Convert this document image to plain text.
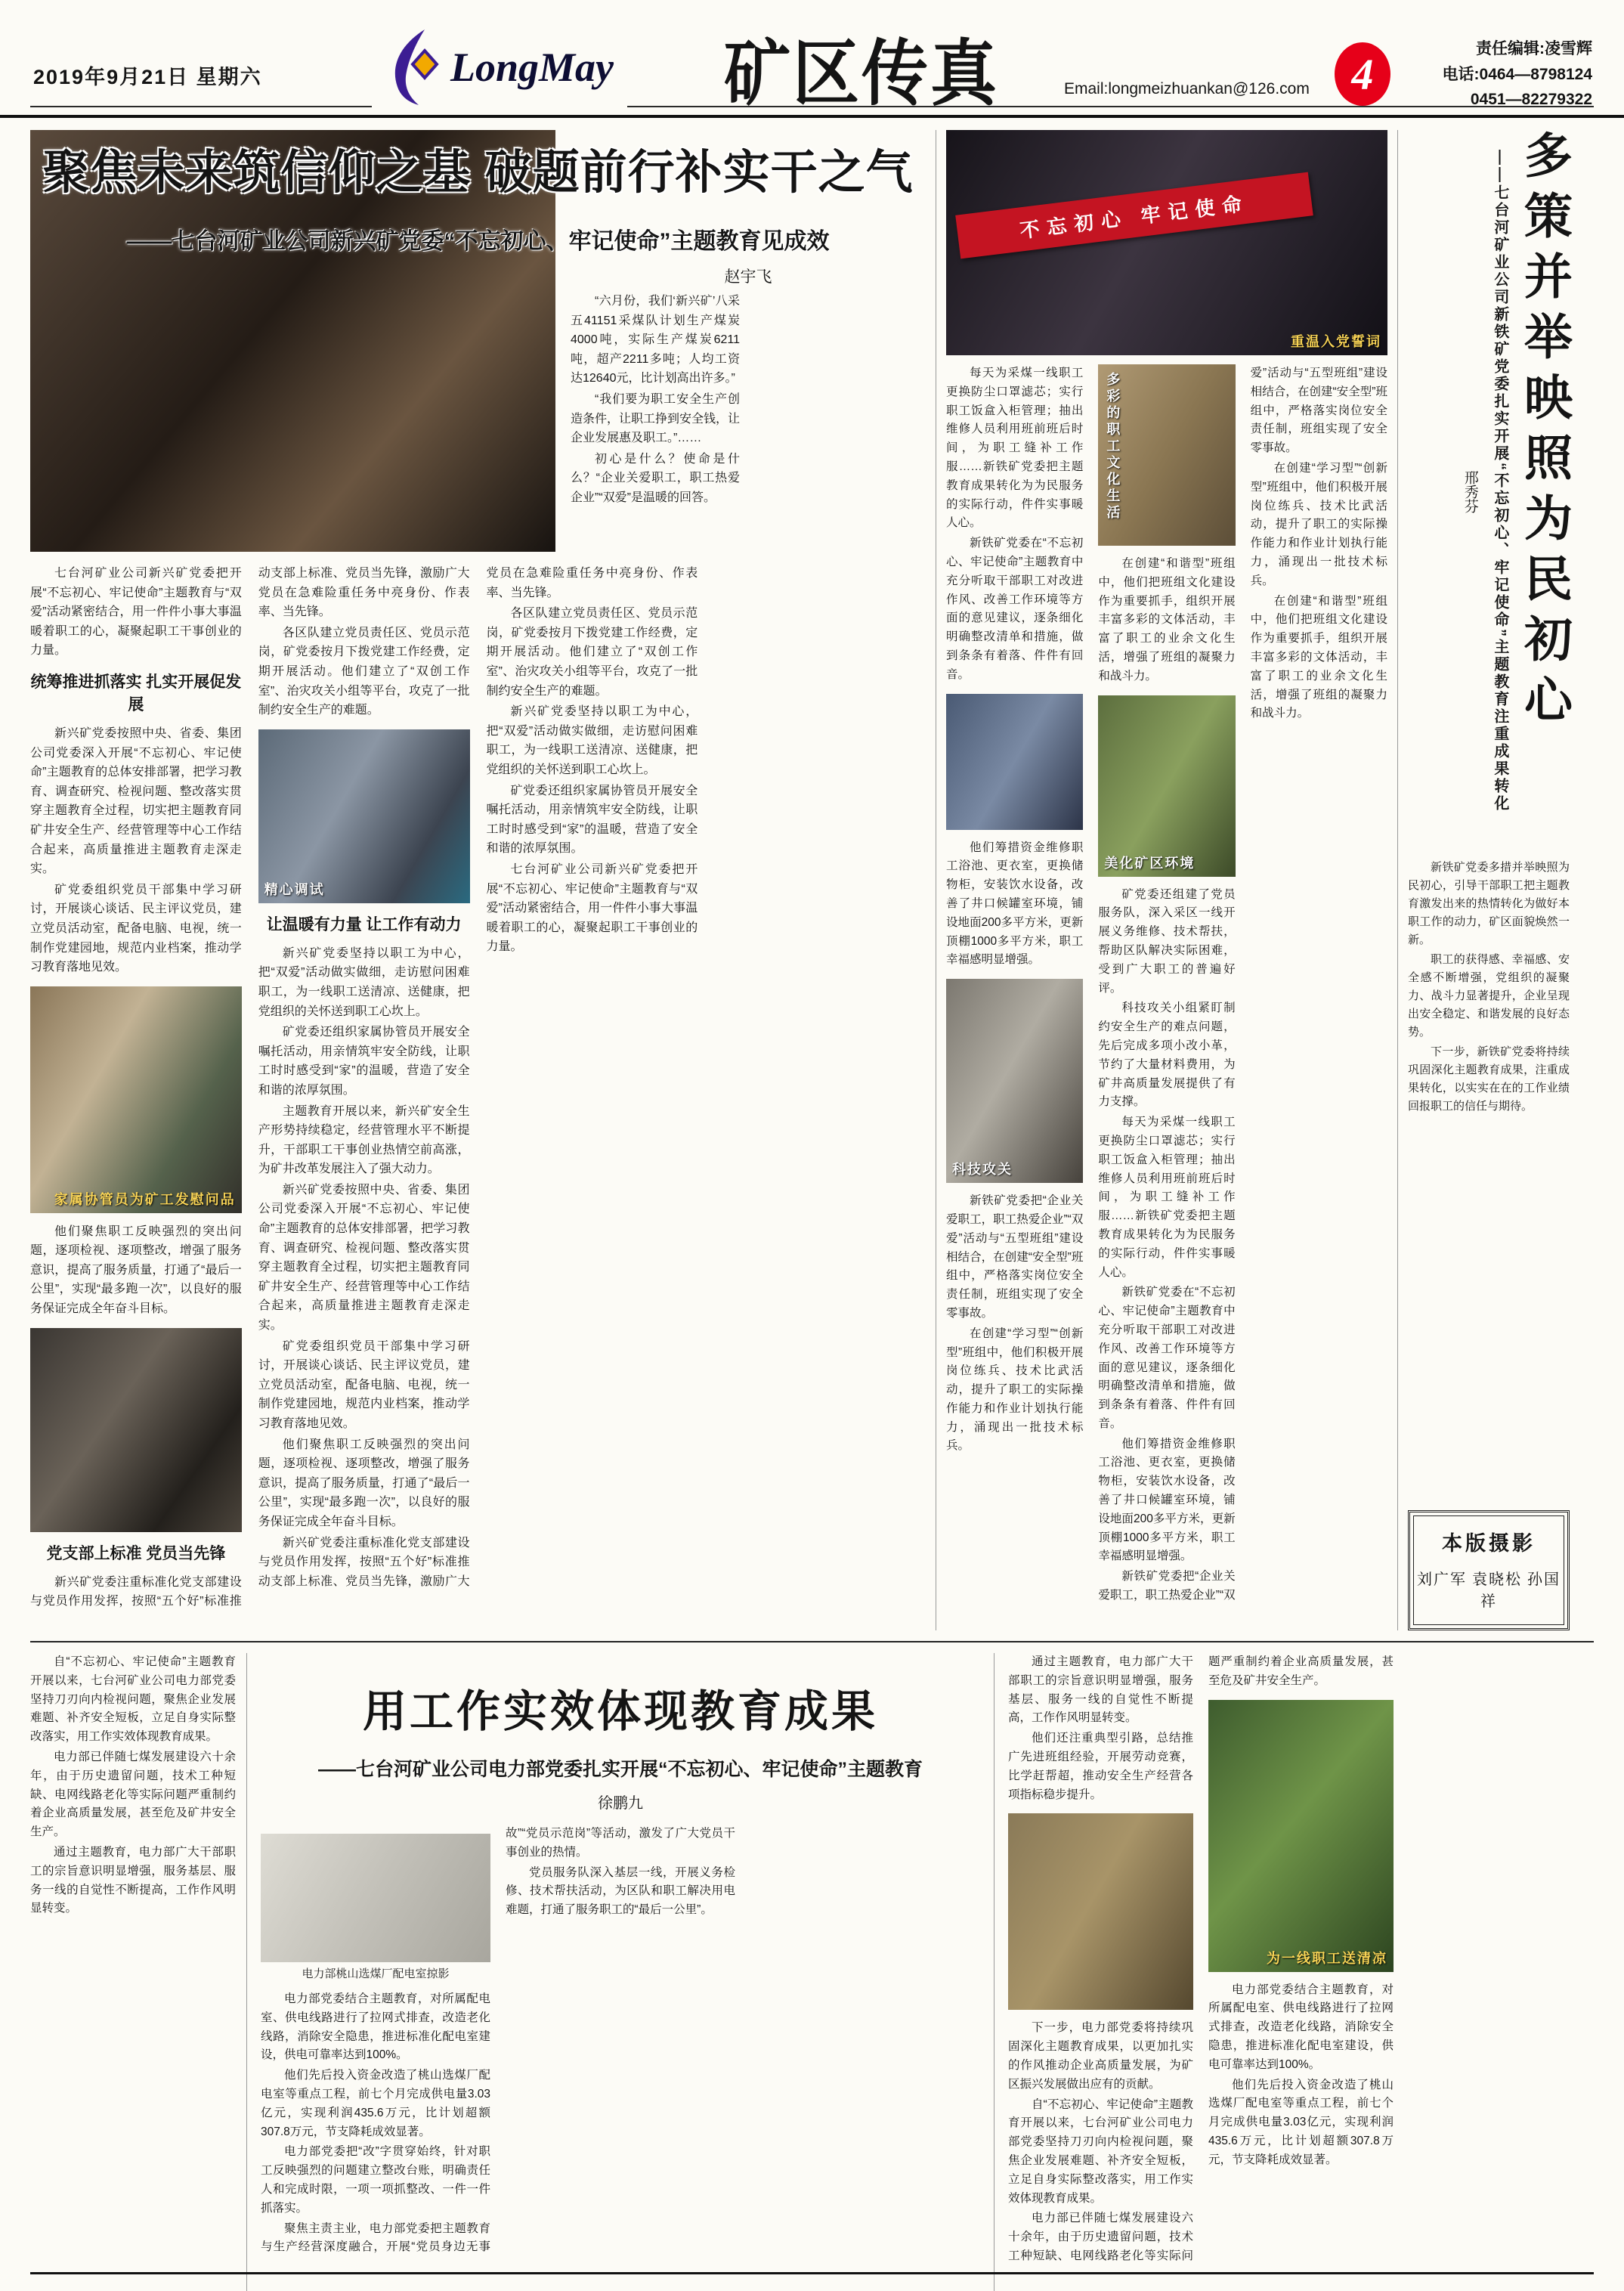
2019年9月21日 星期六	LongMay 矿区传真	Email:longmeizhuankan@126.com 4
责任编辑:凌雪辉
电话:0464—8798124
0451—82279322
聚焦未来筑信仰之基 破题前行补实干之气
——七台河矿业公司新兴矿党委“不忘初心、牢记使命”主题教育见成效
赵宇飞

“六月份，我们‘新兴矿’八采五41151采煤队计划生产煤炭4000吨，实际生产煤炭6211吨，超产2211多吨；人均工资达12640元，比计划高出许多。”

“我们要为职工安全生产创造条件，让职工挣到安全钱，让企业发展惠及职工。”……

初心是什么？使命是什么？“企业关爱职工，职工热爱企业”“双爱”是温暖的回答。

七台河矿业公司新兴矿党委把开展“不忘初心、牢记使命”主题教育与“双爱”活动紧密结合，用一件件小事大事温暖着职工的心，凝聚起职工干事创业的力量。

统筹推进抓落实 扎实开展促发展

新兴矿党委按照中央、省委、集团公司党委深入开展“不忘初心、牢记使命”主题教育的总体安排部署，把学习教育、调查研究、检视问题、整改落实贯穿主题教育全过程，切实把主题教育同矿井安全生产、经营管理等中心工作结合起来，高质量推进主题教育走深走实。

矿党委组织党员干部集中学习研讨，开展谈心谈话、民主评议党员，建立党员活动室，配备电脑、电视，统一制作党建园地，规范内业档案，推动学习教育落地见效。

家属协管员为矿工发慰问品

他们聚焦职工反映强烈的突出问题，逐项检视、逐项整改，增强了服务意识，提高了服务质量，打通了“最后一公里”，实现“最多跑一次”，以良好的服务保证完成全年奋斗目标。

党支部上标准 党员当先锋

新兴矿党委注重标准化党支部建设与党员作用发挥，按照“五个好”标准推动支部上标准、党员当先锋，激励广大党员在急难险重任务中亮身份、作表率、当先锋。

各区队建立党员责任区、党员示范岗，矿党委按月下拨党建工作经费，定期开展活动。他们建立了“双创工作室”、治灾攻关小组等平台，攻克了一批制约安全生产的难题。

精心调试
让温暖有力量 让工作有动力

新兴矿党委坚持以职工为中心，把“双爱”活动做实做细，走访慰问困难职工，为一线职工送清凉、送健康，把党组织的关怀送到职工心坎上。

矿党委还组织家属协管员开展安全嘱托活动，用亲情筑牢安全防线，让职工时时感受到“家”的温暖，营造了安全和谐的浓厚氛围。

主题教育开展以来，新兴矿安全生产形势持续稳定，经营管理水平不断提升，干部职工干事创业热情空前高涨，为矿井改革发展注入了强大动力。

新兴矿党委按照中央、省委、集团公司党委深入开展“不忘初心、牢记使命”主题教育的总体安排部署，把学习教育、调查研究、检视问题、整改落实贯穿主题教育全过程，切实把主题教育同矿井安全生产、经营管理等中心工作结合起来，高质量推进主题教育走深走实。

矿党委组织党员干部集中学习研讨，开展谈心谈话、民主评议党员，建立党员活动室，配备电脑、电视，统一制作党建园地，规范内业档案，推动学习教育落地见效。

他们聚焦职工反映强烈的突出问题，逐项检视、逐项整改，增强了服务意识，提高了服务质量，打通了“最后一公里”，实现“最多跑一次”，以良好的服务保证完成全年奋斗目标。

新兴矿党委注重标准化党支部建设与党员作用发挥，按照“五个好”标准推动支部上标准、党员当先锋，激励广大党员在急难险重任务中亮身份、作表率、当先锋。

各区队建立党员责任区、党员示范岗，矿党委按月下拨党建工作经费，定期开展活动。他们建立了“双创工作室”、治灾攻关小组等平台，攻克了一批制约安全生产的难题。

新兴矿党委坚持以职工为中心，把“双爱”活动做实做细，走访慰问困难职工，为一线职工送清凉、送健康，把党组织的关怀送到职工心坎上。

矿党委还组织家属协管员开展安全嘱托活动，用亲情筑牢安全防线，让职工时时感受到“家”的温暖，营造了安全和谐的浓厚氛围。

七台河矿业公司新兴矿党委把开展“不忘初心、牢记使命”主题教育与“双爱”活动紧密结合，用一件件小事大事温暖着职工的心，凝聚起职工干事创业的力量。

不忘初心 牢记使命
重温入党誓词

每天为采煤一线职工更换防尘口罩滤芯；实行职工饭盒入柜管理；抽出维修人员利用班前班后时间，为职工缝补工作服……新铁矿党委把主题教育成果转化为为民服务的实际行动，件件实事暖人心。

新铁矿党委在“不忘初心、牢记使命”主题教育中充分听取干部职工对改进作风、改善工作环境等方面的意见建议，逐条细化明确整改清单和措施，做到条条有着落、件件有回音。

他们筹措资金维修职工浴池、更衣室，更换储物柜，安装饮水设备，改善了井口候罐室环境，铺设地面200多平方米，更新顶棚1000多平方米，职工幸福感明显增强。

科技攻关

新铁矿党委把“企业关爱职工，职工热爱企业”“双爱”活动与“五型班组”建设相结合，在创建“安全型”班组中，严格落实岗位安全责任制，班组实现了安全零事故。

在创建“学习型”“创新型”班组中，他们积极开展岗位练兵、技术比武活动，提升了职工的实际操作能力和作业计划执行能力，涌现出一批技术标兵。

多彩的职工文化生活

在创建“和谐型”班组中，他们把班组文化建设作为重要抓手，组织开展丰富多彩的文体活动，丰富了职工的业余文化生活，增强了班组的凝聚力和战斗力。

美化矿区环境

矿党委还组建了党员服务队，深入采区一线开展义务维修、技术帮扶，帮助区队解决实际困难，受到广大职工的普遍好评。

科技攻关小组紧盯制约安全生产的难点问题，先后完成多项小改小革，节约了大量材料费用，为矿井高质量发展提供了有力支撑。

每天为采煤一线职工更换防尘口罩滤芯；实行职工饭盒入柜管理；抽出维修人员利用班前班后时间，为职工缝补工作服……新铁矿党委把主题教育成果转化为为民服务的实际行动，件件实事暖人心。

新铁矿党委在“不忘初心、牢记使命”主题教育中充分听取干部职工对改进作风、改善工作环境等方面的意见建议，逐条细化明确整改清单和措施，做到条条有着落、件件有回音。

他们筹措资金维修职工浴池、更衣室，更换储物柜，安装饮水设备，改善了井口候罐室环境，铺设地面200多平方米，更新顶棚1000多平方米，职工幸福感明显增强。

新铁矿党委把“企业关爱职工，职工热爱企业”“双爱”活动与“五型班组”建设相结合，在创建“安全型”班组中，严格落实岗位安全责任制，班组实现了安全零事故。

在创建“学习型”“创新型”班组中，他们积极开展岗位练兵、技术比武活动，提升了职工的实际操作能力和作业计划执行能力，涌现出一批技术标兵。

在创建“和谐型”班组中，他们把班组文化建设作为重要抓手，组织开展丰富多彩的文体活动，丰富了职工的业余文化生活，增强了班组的凝聚力和战斗力。

邢秀芬 ——七台河矿业公司新铁矿党委扎实开展“不忘初心、牢记使命”主题教育注重成果转化 多策并举映照为民初心

新铁矿党委多措并举映照为民初心，引导干部职工把主题教育激发出来的热情转化为做好本职工作的动力，矿区面貌焕然一新。

职工的获得感、幸福感、安全感不断增强，党组织的凝聚力、战斗力显著提升，企业呈现出安全稳定、和谐发展的良好态势。

下一步，新铁矿党委将持续巩固深化主题教育成果，注重成果转化，以实实在在的工作业绩回报职工的信任与期待。

本版摄影
刘广军 袁晓松 孙国祥

自“不忘初心、牢记使命”主题教育开展以来，七台河矿业公司电力部党委坚持刀刃向内检视问题，聚焦企业发展难题、补齐安全短板，立足自身实际整改落实，用工作实效体现教育成果。

电力部已伴随七煤发展建设六十余年，由于历史遗留问题，技术工种短缺、电网线路老化等实际问题严重制约着企业高质量发展，甚至危及矿井安全生产。

通过主题教育，电力部广大干部职工的宗旨意识明显增强，服务基层、服务一线的自觉性不断提高，工作作风明显转变。

用工作实效体现教育成果
——七台河矿业公司电力部党委扎实开展“不忘初心、牢记使命”主题教育
徐鹏九
电力部桃山选煤厂配电室掠影

电力部党委结合主题教育，对所属配电室、供电线路进行了拉网式排查，改造老化线路，消除安全隐患，推进标准化配电室建设，供电可靠率达到100%。

他们先后投入资金改造了桃山选煤厂配电室等重点工程，前七个月完成供电量3.03亿元，实现利润435.6万元，比计划超额307.8万元，节支降耗成效显著。

电力部党委把“改”字贯穿始终，针对职工反映强烈的问题建立整改台账，明确责任人和完成时限，一项一项抓整改、一件一件抓落实。

聚焦主责主业，电力部党委把主题教育与生产经营深度融合，开展“党员身边无事故”“党员示范岗”等活动，激发了广大党员干事创业的热情。

党员服务队深入基层一线，开展义务检修、技术帮扶活动，为区队和职工解决用电难题，打通了服务职工的“最后一公里”。

通过主题教育，电力部广大干部职工的宗旨意识明显增强，服务基层、服务一线的自觉性不断提高，工作作风明显转变。

他们还注重典型引路，总结推广先进班组经验，开展劳动竞赛，比学赶帮超，推动安全生产经营各项指标稳步提升。

下一步，电力部党委将持续巩固深化主题教育成果，以更加扎实的作风推动企业高质量发展，为矿区振兴发展做出应有的贡献。

自“不忘初心、牢记使命”主题教育开展以来，七台河矿业公司电力部党委坚持刀刃向内检视问题，聚焦企业发展难题、补齐安全短板，立足自身实际整改落实，用工作实效体现教育成果。

电力部已伴随七煤发展建设六十余年，由于历史遗留问题，技术工种短缺、电网线路老化等实际问题严重制约着企业高质量发展，甚至危及矿井安全生产。

为一线职工送清凉

电力部党委结合主题教育，对所属配电室、供电线路进行了拉网式排查，改造老化线路，消除安全隐患，推进标准化配电室建设，供电可靠率达到100%。

他们先后投入资金改造了桃山选煤厂配电室等重点工程，前七个月完成供电量3.03亿元，实现利润435.6万元，比计划超额307.8万元，节支降耗成效显著。
